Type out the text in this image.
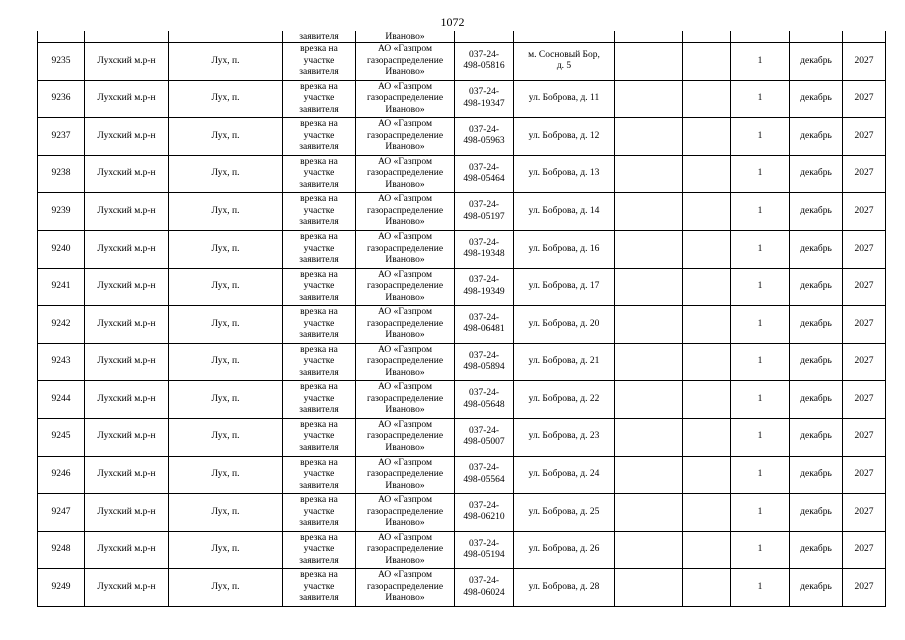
1072
			заявителя	Иваново»							
9235	Лухский м.р-н	Лух, п.	врезка на
участке
заявителя	АО «Газпром
газораспределение
Иваново»	037-24-
498-05816	м. Сосновый Бор,
д. 5			1	декабрь	2027
9236	Лухский м.р-н	Лух, п.	врезка на
участке
заявителя	АО «Газпром
газораспределение
Иваново»	037-24-
498-19347	ул. Боброва, д. 11			1	декабрь	2027
9237	Лухский м.р-н	Лух, п.	врезка на
участке
заявителя	АО «Газпром
газораспределение
Иваново»	037-24-
498-05963	ул. Боброва, д. 12			1	декабрь	2027
9238	Лухский м.р-н	Лух, п.	врезка на
участке
заявителя	АО «Газпром
газораспределение
Иваново»	037-24-
498-05464	ул. Боброва, д. 13			1	декабрь	2027
9239	Лухский м.р-н	Лух, п.	врезка на
участке
заявителя	АО «Газпром
газораспределение
Иваново»	037-24-
498-05197	ул. Боброва, д. 14			1	декабрь	2027
9240	Лухский м.р-н	Лух, п.	врезка на
участке
заявителя	АО «Газпром
газораспределение
Иваново»	037-24-
498-19348	ул. Боброва, д. 16			1	декабрь	2027
9241	Лухский м.р-н	Лух, п.	врезка на
участке
заявителя	АО «Газпром
газораспределение
Иваново»	037-24-
498-19349	ул. Боброва, д. 17			1	декабрь	2027
9242	Лухский м.р-н	Лух, п.	врезка на
участке
заявителя	АО «Газпром
газораспределение
Иваново»	037-24-
498-06481	ул. Боброва, д. 20			1	декабрь	2027
9243	Лухский м.р-н	Лух, п.	врезка на
участке
заявителя	АО «Газпром
газораспределение
Иваново»	037-24-
498-05894	ул. Боброва, д. 21			1	декабрь	2027
9244	Лухский м.р-н	Лух, п.	врезка на
участке
заявителя	АО «Газпром
газораспределение
Иваново»	037-24-
498-05648	ул. Боброва, д. 22			1	декабрь	2027
9245	Лухский м.р-н	Лух, п.	врезка на
участке
заявителя	АО «Газпром
газораспределение
Иваново»	037-24-
498-05007	ул. Боброва, д. 23			1	декабрь	2027
9246	Лухский м.р-н	Лух, п.	врезка на
участке
заявителя	АО «Газпром
газораспределение
Иваново»	037-24-
498-05564	ул. Боброва, д. 24			1	декабрь	2027
9247	Лухский м.р-н	Лух, п.	врезка на
участке
заявителя	АО «Газпром
газораспределение
Иваново»	037-24-
498-06210	ул. Боброва, д. 25			1	декабрь	2027
9248	Лухский м.р-н	Лух, п.	врезка на
участке
заявителя	АО «Газпром
газораспределение
Иваново»	037-24-
498-05194	ул. Боброва, д. 26			1	декабрь	2027
9249	Лухский м.р-н	Лух, п.	врезка на
участке
заявителя	АО «Газпром
газораспределение
Иваново»	037-24-
498-06024	ул. Боброва, д. 28			1	декабрь	2027
